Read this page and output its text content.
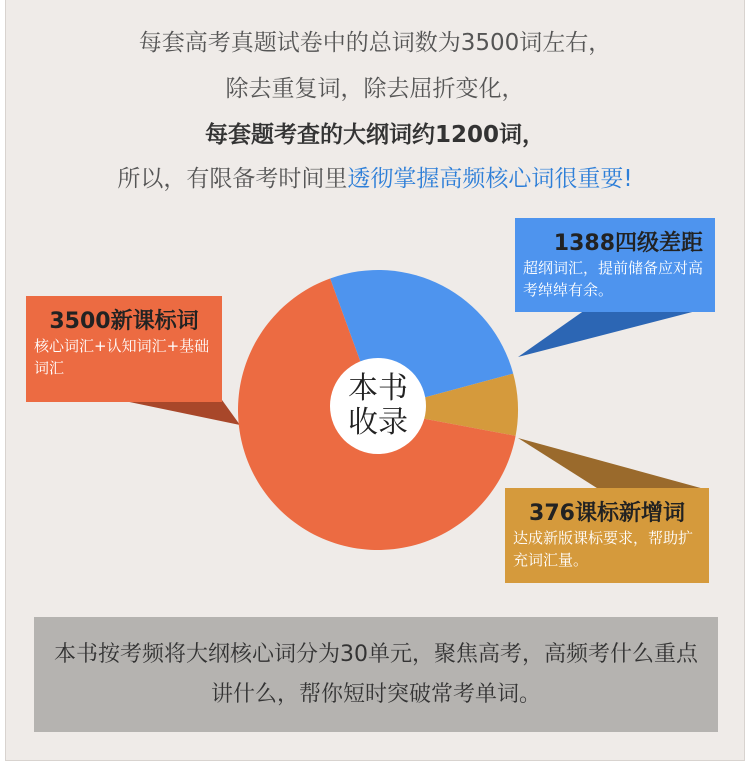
每套高考真题试卷中的总词数为3500词左右，
除去重复词，除去屈折变化，
每套题考查的大纲词约1200词，
所以，有限备考时间里透彻掌握高频核心词很重要!
本书
收录
1388四级差距
超纲词汇，提前储备应对高考绰绰有余。
3500新课标词
核心词汇+认知词汇+基础词汇
376课标新增词
达成新版课标要求，帮助扩充词汇量。
本书按考频将大纲核心词分为30单元，聚焦高考，高频考什么重点讲什么，帮你短时突破常考单词。
